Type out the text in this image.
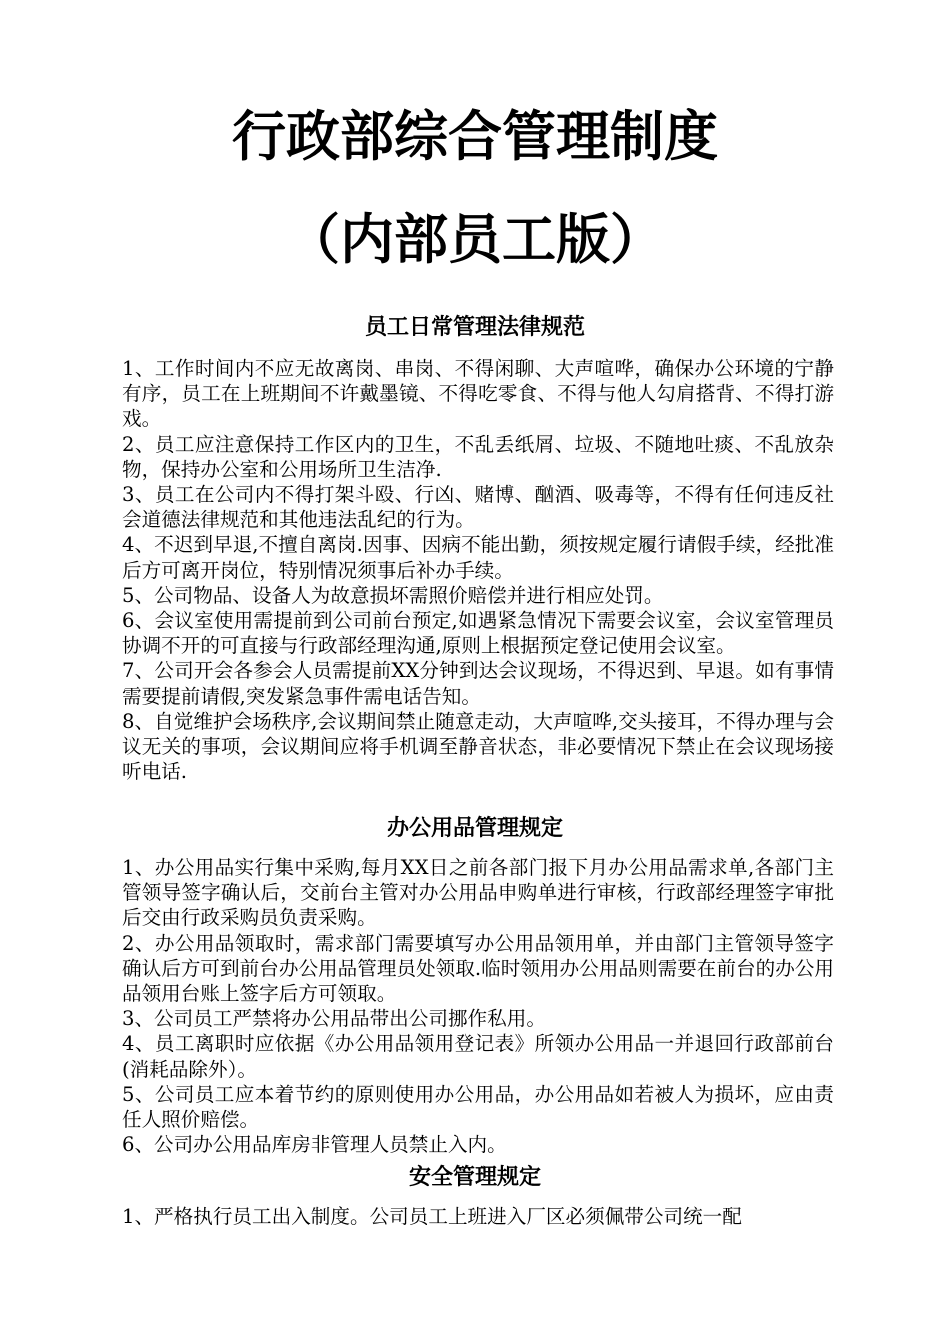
行政部综合管理制度
（内部员工版）
员工日常管理法律规范

1、工作时间内不应无故离岗、串岗、不得闲聊、大声喧哗，确保办公环境的宁静有序，员工在上班期间不许戴墨镜、不得吃零食、不得与他人勾肩搭背、不得打游戏。

2、员工应注意保持工作区内的卫生，不乱丢纸屑、垃圾、不随地吐痰、不乱放杂物，保持办公室和公用场所卫生洁净.

3、员工在公司内不得打架斗殴、行凶、赌博、酗酒、吸毒等，不得有任何违反社会道德法律规范和其他违法乱纪的行为。

4、不迟到早退,不擅自离岗.因事、因病不能出勤，须按规定履行请假手续，经批准后方可离开岗位，特别情况须事后补办手续。

5、公司物品、设备人为故意损坏需照价赔偿并进行相应处罚。

6、会议室使用需提前到公司前台预定,如遇紧急情况下需要会议室，会议室管理员协调不开的可直接与行政部经理沟通,原则上根据预定登记使用会议室。

7、公司开会各参会人员需提前XX分钟到达会议现场，不得迟到、早退。如有事情需要提前请假,突发紧急事件需电话告知。

8、自觉维护会场秩序,会议期间禁止随意走动，大声喧哗,交头接耳，不得办理与会议无关的事项，会议期间应将手机调至静音状态，非必要情况下禁止在会议现场接听电话.

办公用品管理规定

1、办公用品实行集中采购,每月XX日之前各部门报下月办公用品需求单,各部门主管领导签字确认后，交前台主管对办公用品申购单进行审核，行政部经理签字审批后交由行政采购员负责采购。

2、办公用品领取时，需求部门需要填写办公用品领用单，并由部门主管领导签字确认后方可到前台办公用品管理员处领取.临时领用办公用品则需要在前台的办公用品领用台账上签字后方可领取。

3、公司员工严禁将办公用品带出公司挪作私用。

4、员工离职时应依据《办公用品领用登记表》所领办公用品一并退回行政部前台(消耗品除外）。

5、公司员工应本着节约的原则使用办公用品，办公用品如若被人为损坏，应由责任人照价赔偿。

6、公司办公用品库房非管理人员禁止入内。

安全管理规定

1、严格执行员工出入制度。公司员工上班进入厂区必须佩带公司统一配
